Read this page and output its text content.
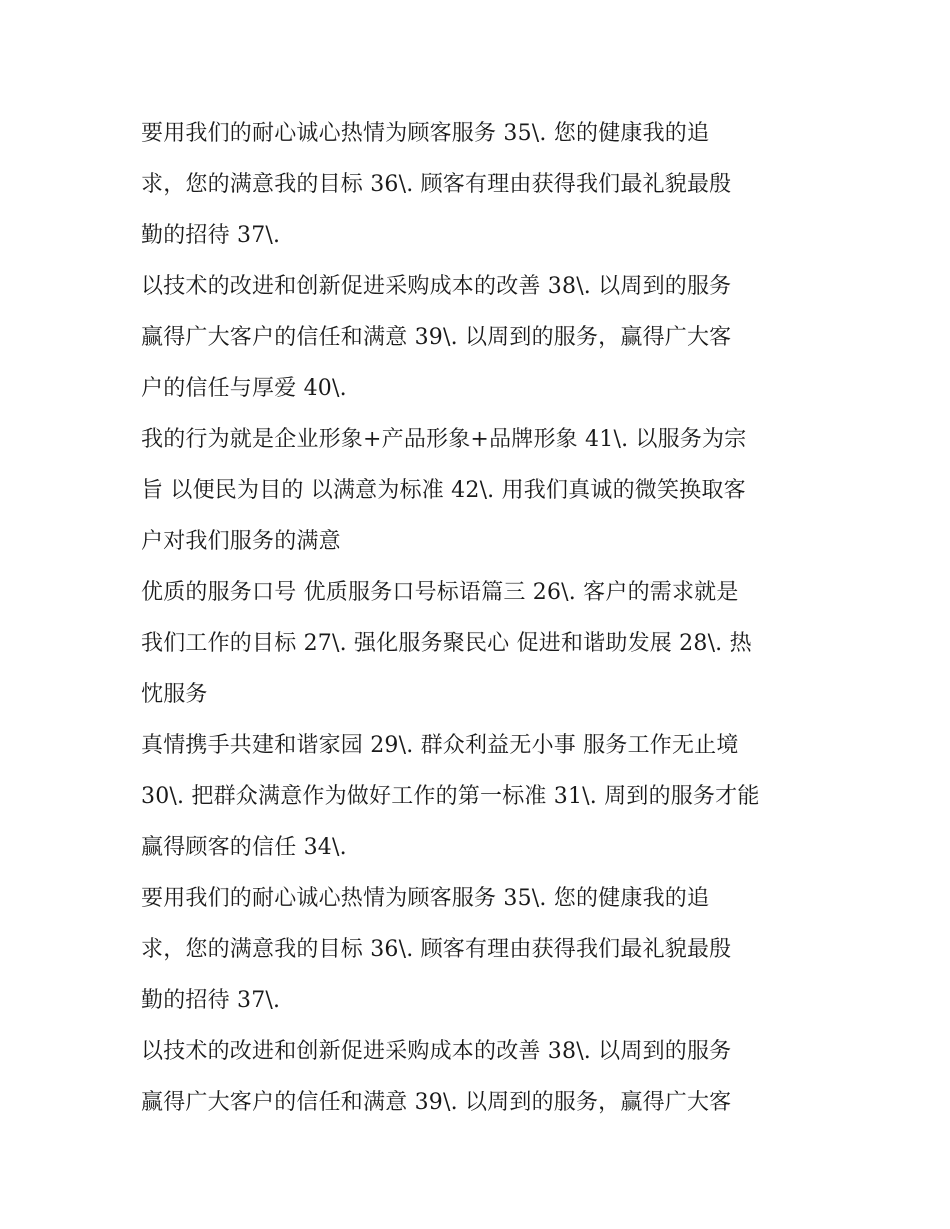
要用我们的耐心诚心热情为顾客服务 35\. 您的健康我的追
求，您的满意我的目标 36\. 顾客有理由获得我们最礼貌最殷
勤的招待 37\.
以技术的改进和创新促进采购成本的改善 38\. 以周到的服务
赢得广大客户的信任和满意 39\. 以周到的服务，赢得广大客
户的信任与厚爱 40\.
我的行为就是企业形象+产品形象+品牌形象 41\. 以服务为宗
旨 以便民为目的 以满意为标准 42\. 用我们真诚的微笑换取客
户对我们服务的满意
优质的服务口号 优质服务口号标语篇三 26\. 客户的需求就是
我们工作的目标 27\. 强化服务聚民心 促进和谐助发展 28\. 热
忱服务
真情携手共建和谐家园 29\. 群众利益无小事 服务工作无止境
30\. 把群众满意作为做好工作的第一标准 31\. 周到的服务才能
赢得顾客的信任 34\.
要用我们的耐心诚心热情为顾客服务 35\. 您的健康我的追
求，您的满意我的目标 36\. 顾客有理由获得我们最礼貌最殷
勤的招待 37\.
以技术的改进和创新促进采购成本的改善 38\. 以周到的服务
赢得广大客户的信任和满意 39\. 以周到的服务，赢得广大客
